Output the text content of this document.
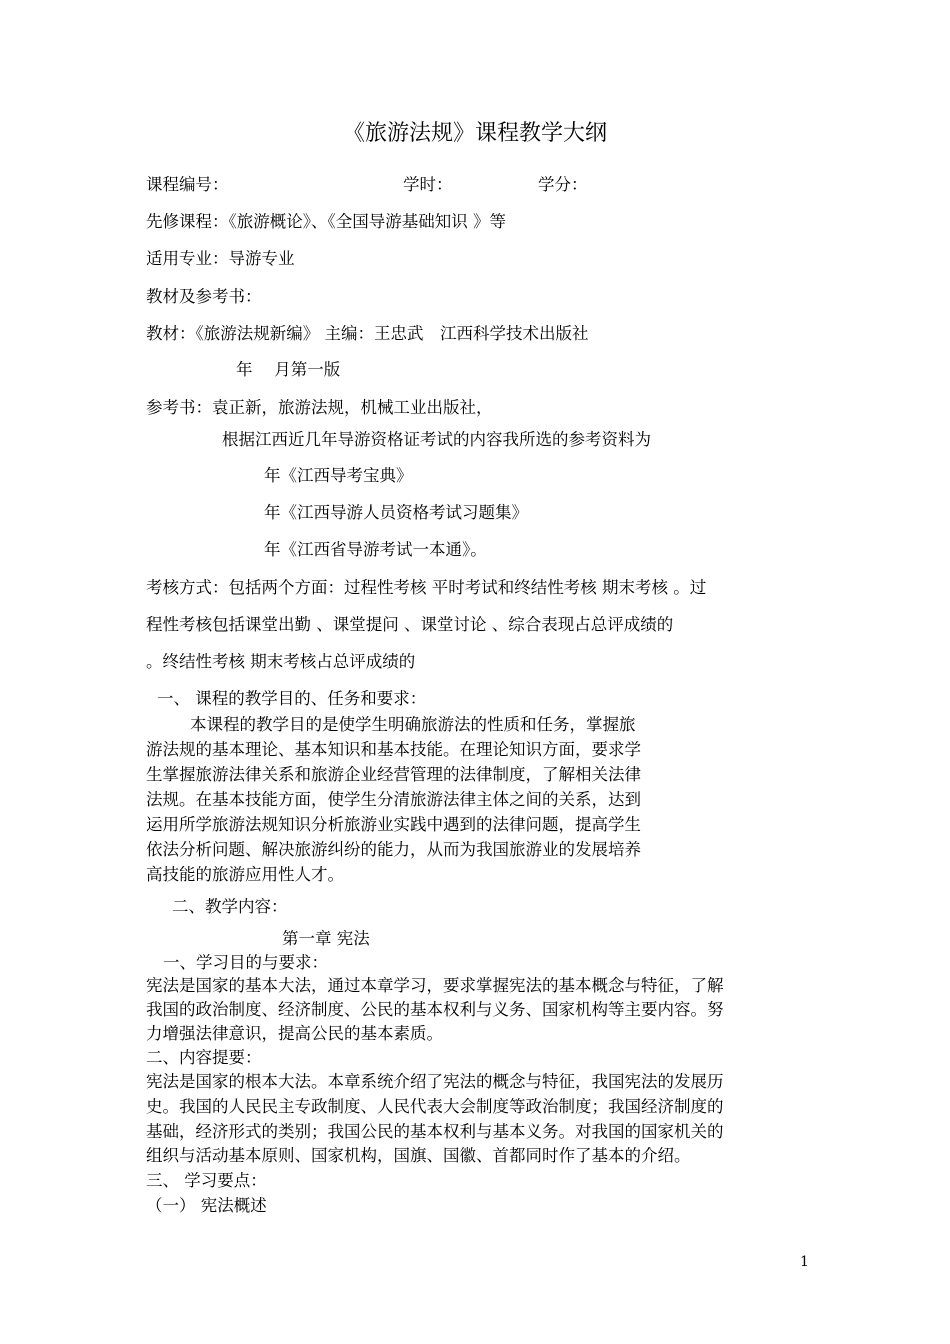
《旅游法规》课程教学大纲

课程编号：	学时：	学分：

先修课程：《旅游概论》、《全国导游基础知识 》等

适用专业：导游专业

教材及参考书：

教材：《旅游法规新编》 主编：王忠武　江西科学技术出版社

年　 月第一版

参考书：袁正新，旅游法规，机械工业出版社，

根据江西近几年导游资格证考试的内容我所选的参考资料为

年《江西导考宝典》

年《江西导游人员资格考试习题集》

年《江西省导游考试一本通》。

考核方式：包括两个方面：过程性考核 平时考试和终结性考核 期末考核 。过

程性考核包括课堂出勤 、课堂提问 、课堂讨论 、综合表现占总评成绩的

。终结性考核 期末考核占总评成绩的

一、 课程的教学目的、任务和要求：

本课程的教学目的是使学生明确旅游法的性质和任务，掌握旅

游法规的基本理论、基本知识和基本技能。在理论知识方面，要求学

生掌握旅游法律关系和旅游企业经营管理的法律制度，了解相关法律

法规。在基本技能方面，使学生分清旅游法律主体之间的关系，达到

运用所学旅游法规知识分析旅游业实践中遇到的法律问题，提高学生

依法分析问题、解决旅游纠纷的能力，从而为我国旅游业的发展培养

高技能的旅游应用性人才。

二、教学内容：

第一章 宪法

一、学习目的与要求：

宪法是国家的基本大法，通过本章学习，要求掌握宪法的基本概念与特征，了解

我国的政治制度、经济制度、公民的基本权利与义务、国家机构等主要内容。努

力增强法律意识，提高公民的基本素质。

二、内容提要：

宪法是国家的根本大法。本章系统介绍了宪法的概念与特征，我国宪法的发展历

史。我国的人民民主专政制度、人民代表大会制度等政治制度；我国经济制度的

基础，经济形式的类别；我国公民的基本权利与基本义务。对我国的国家机关的

组织与活动基本原则、国家机构，国旗、国徽、首都同时作了基本的介绍。

三、 学习要点：

（一） 宪法概述

1
